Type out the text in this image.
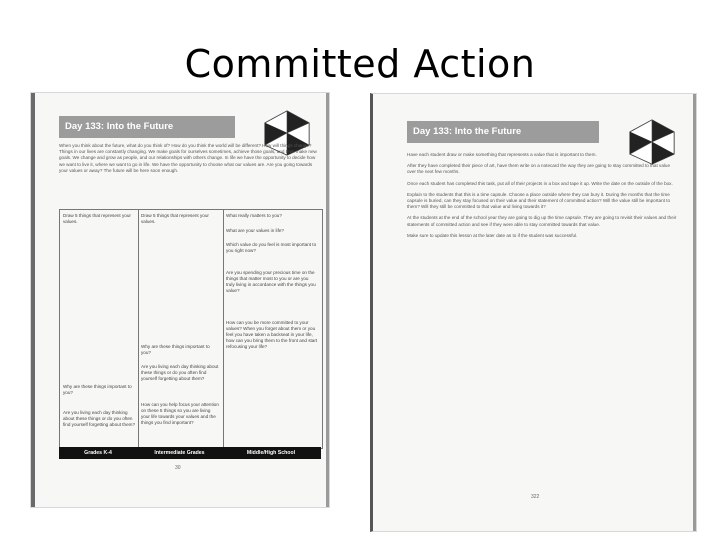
Committed Action
Day 133: Into the Future
When you think about the future, what do you think of? How do you think the world will be different? How will things change? Things in our lives are constantly changing. We make goals for ourselves sometimes, achieve those goals, and then make new goals. We change and grow as people, and our relationships with others change. In life we have the opportunity to decide how we want to live it, where we want to go in life. We have the opportunity to choose what our values are. Are you going towards your values or away? The future will be here soon enough.
Draw 5 things that represent your values.
Why are these things important to you?
Are you living each day thinking about these things or do you often find yourself forgetting about them?
Draw 5 things that represent your values.
Why are these things important to you?
Are you living each day thinking about these things or do you often find yourself forgetting about them?
How can you help focus your attention on these 5 things so you are living your life towards your values and the things you find important?
What really matters to you?
What are your values in life?
Which value do you feel is most important to you right now?
Are you spending your precious time on the things that matter most to you or are you truly living in accordance with the things you value?
How can you be more committed to your values? When you forget about them or you feel you have taken a backseat in your life, how can you bring them to the front and start refocusing your life?
Grades K-4	Intermediate Grades	Middle/High School
30
Day 133: Into the Future

Have each student draw or make something that represents a value that is important to them.

After they have completed their piece of art, have them write on a notecard the way they are going to stay committed to that value over the next few months.

Once each student has completed this task, put all of their projects in a box and tape it up. Write the date on the outside of the box.

Explain to the students that this is a time capsule. Choose a place outside where they can bury it. During the months that the time capsule is buried, can they stay focused on their value and their statement of committed action? Will the value still be important to them? Will they still be committed to that value and living towards it?

At the students at the end of the school year they are going to dig up the time capsule. They are going to revisit their values and their statements of committed action and see if they were able to stay committed towards that value.

Make sure to update this lesson at the later date as to if the student was successful.

322
